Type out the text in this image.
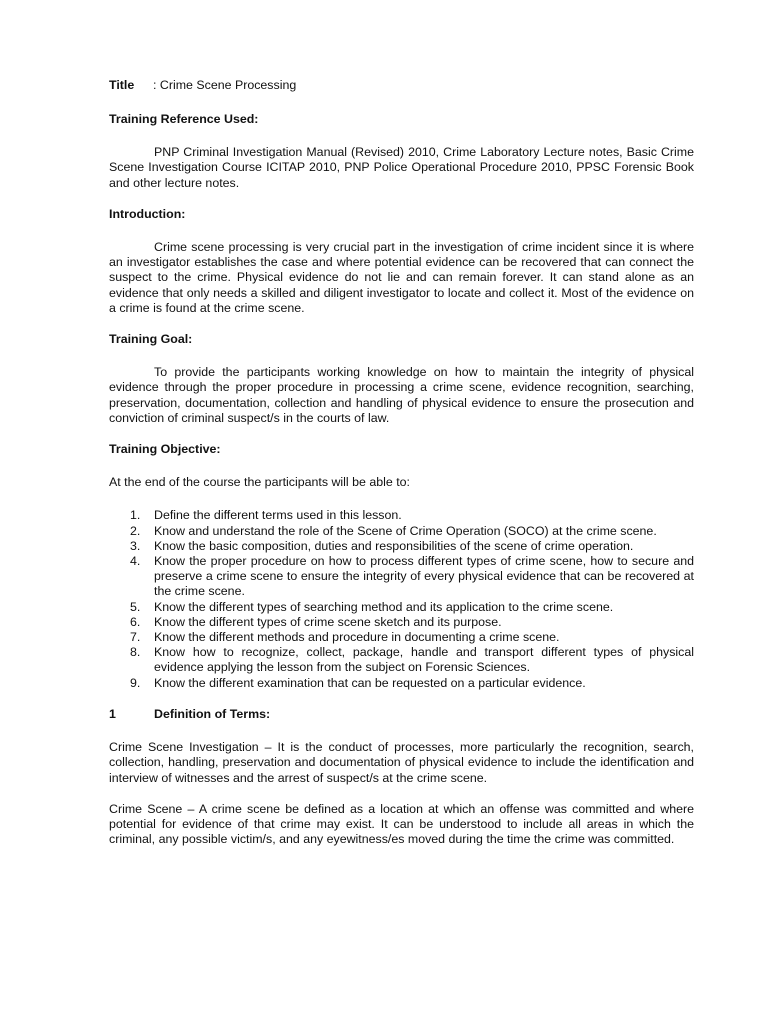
Title : Crime Scene Processing
Training Reference Used:

PNP Criminal Investigation Manual (Revised) 2010, Crime Laboratory Lecture notes, Basic Crime Scene Investigation Course ICITAP 2010, PNP Police Operational Procedure 2010, PPSC Forensic Book and other lecture notes.

Introduction:

Crime scene processing is very crucial part in the investigation of crime incident since it is where an investigator establishes the case and where potential evidence can be recovered that can connect the suspect to the crime. Physical evidence do not lie and can remain forever. It can stand alone as an evidence that only needs a skilled and diligent investigator to locate and collect it. Most of the evidence on a crime is found at the crime scene.

Training Goal:

To provide the participants working knowledge on how to maintain the integrity of physical evidence through the proper procedure in processing a crime scene, evidence recognition, searching, preservation, documentation, collection and handling of physical evidence to ensure the prosecution and conviction of criminal suspect/s in the courts of law.

Training Objective:

At the end of the course the participants will be able to:

1. Define the different terms used in this lesson.
2. Know and understand the role of the Scene of Crime Operation (SOCO) at the crime scene.
3. Know the basic composition, duties and responsibilities of the scene of crime operation.
4. Know the proper procedure on how to process different types of crime scene, how to secure and preserve a crime scene to ensure the integrity of every physical evidence that can be recovered at the crime scene.
5. Know the different types of searching method and its application to the crime scene.
6. Know the different types of crime scene sketch and its purpose.
7. Know the different methods and procedure in documenting a crime scene.
8. Know how to recognize, collect, package, handle and transport different types of physical evidence applying the lesson from the subject on Forensic Sciences.
9. Know the different examination that can be requested on a particular evidence.
1	Definition of Terms:

Crime Scene Investigation – It is the conduct of processes, more particularly the recognition, search, collection, handling, preservation and documentation of physical evidence to include the identification and interview of witnesses and the arrest of suspect/s at the crime scene.

Crime Scene – A crime scene be defined as a location at which an offense was committed and where potential for evidence of that crime may exist. It can be understood to include all areas in which the criminal, any possible victim/s, and any eyewitness/es moved during the time the crime was committed.
